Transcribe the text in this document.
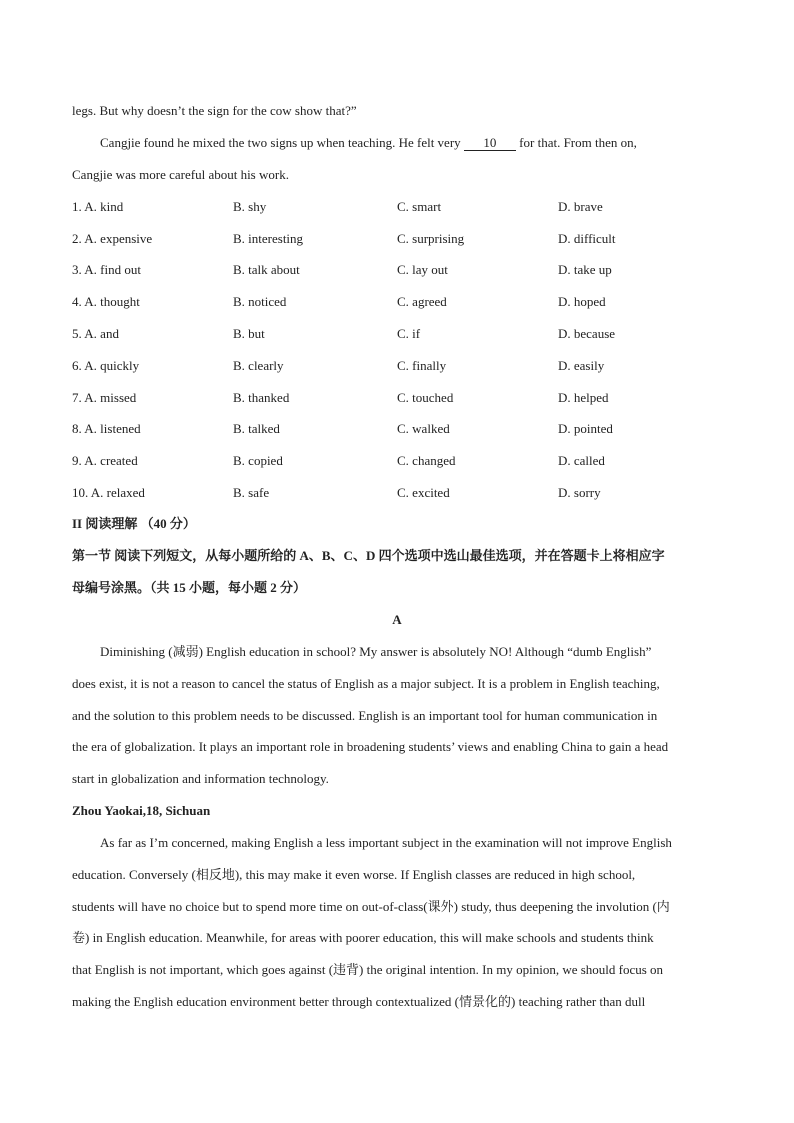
legs. But why doesn’t the sign for the cow show that?”
Cangjie found he mixed the two signs up when teaching. He felt very 10 for that. From then on,
Cangjie was more careful about his work.
1. A. kind	B. shy	C. smart	D. brave
2. A. expensive	B. interesting	C. surprising	D. difficult
3. A. find out	B. talk about	C. lay out	D. take up
4. A. thought	B. noticed	C. agreed	D. hoped
5. A. and	B. but	C. if	D. because
6. A. quickly	B. clearly	C. finally	D. easily
7. A. missed	B. thanked	C. touched	D. helped
8. A. listened	B. talked	C. walked	D. pointed
9. A. created	B. copied	C. changed	D. called
10. A. relaxed	B. safe	C. excited	D. sorry
II 阅读理解 （40 分）
第一节 阅读下列短文，从每小题所给的 A、B、C、D 四个选项中选山最佳选项，并在答题卡上将相应字
母编号涂黑。（共 15 小题，每小题 2 分）
A
Diminishing (减弱) English education in school? My answer is absolutely NO! Although “dumb English”
does exist, it is not a reason to cancel the status of English as a major subject. It is a problem in English teaching,
and the solution to this problem needs to be discussed. English is an important tool for human communication in
the era of globalization. It plays an important role in broadening students’ views and enabling China to gain a head
start in globalization and information technology.
Zhou Yaokai,18, Sichuan
As far as I’m concerned, making English a less important subject in the examination will not improve English
education. Conversely (相反地), this may make it even worse. If English classes are reduced in high school,
students will have no choice but to spend more time on out-of-class(课外) study, thus deepening the involution (内
卷) in English education. Meanwhile, for areas with poorer education, this will make schools and students think
that English is not important, which goes against (违背) the original intention. In my opinion, we should focus on
making the English education environment better through contextualized (情景化的) teaching rather than dull
